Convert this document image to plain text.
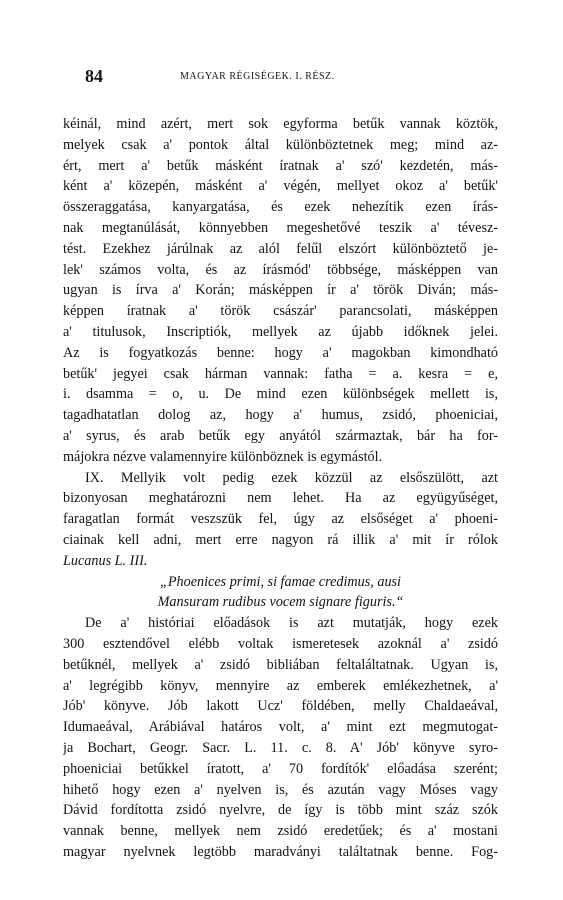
84	MAGYAR RÉGISÉGEK. I. RÉSZ.
kéinál, mind azért, mert sok egyforma betűk vannak köztök,
melyek csak a' pontok által különböztetnek meg; mind az-
ért, mert a' betűk másként íratnak a' szó' kezdetén, más-
ként a' közepén, másként a' végén, mellyet okoz a' betűk'
összeraggatása, kanyargatása, és ezek nehezítik ezen írás-
nak megtanúlását, könnyebben megeshetővé teszik a' tévesz-
tést. Ezekhez járúlnak az alól felűl elszórt különböztető je-
lek' számos volta, és az írásmód' többsége, másképpen van
ugyan is írva a' Korán; másképpen ír a' török Diván; más-
képpen íratnak a' török császár' parancsolati, másképpen
a' titulusok, Inscriptiók, mellyek az újabb időknek jelei.
Az is fogyatkozás benne: hogy a' magokban kimondható
betűk' jegyei csak hárman vannak: fatha = a. kesra = e,
i. dsamma = o, u. De mind ezen különbségek mellett is,
tagadhatatlan dolog az, hogy a' humus, zsidó, phoeniciai,
a' syrus, és arab betűk egy anyától származtak, bár ha for-
májokra nézve valamennyire különböznek is egymástól.
IX. Mellyik volt pedig ezek közzül az elsőszülött, azt
bizonyosan meghatározni nem lehet. Ha az együgyűséget,
faragatlan formát veszszük fel, úgy az elsőséget a' phoeni-
ciainak kell adni, mert erre nagyon rá illik a' mit ír rólok
Lucanus L. III.
„Phoenices primi, si famae credimus, ausi
Mansuram rudibus vocem signare figuris.“
De a' históriai előadások is azt mutatják, hogy ezek
300 esztendővel elébb voltak ismeretesek azoknál a' zsidó
betűknél, mellyek a' zsidó bibliában feltaláltatnak. Ugyan is,
a' legrégibb könyv, mennyire az emberek emlékezhetnek, a'
Jób' könyve. Jób lakott Ucz' földében, melly Chaldaeával,
Idumaeával, Arábiával határos volt, a' mint ezt megmutogat-
ja Bochart, Geogr. Sacr. L. 11. c. 8. A' Jób' könyve syro-
phoeniciai betűkkel íratott, a' 70 fordítók' előadása szerént;
hihető hogy ezen a' nyelven is, és azután vagy Móses vagy
Dávid fordította zsidó nyelvre, de így is több mint száz szók
vannak benne, mellyek nem zsidó eredetűek; és a' mostani
magyar nyelvnek legtöbb maradványi találtatnak benne. Fog-
